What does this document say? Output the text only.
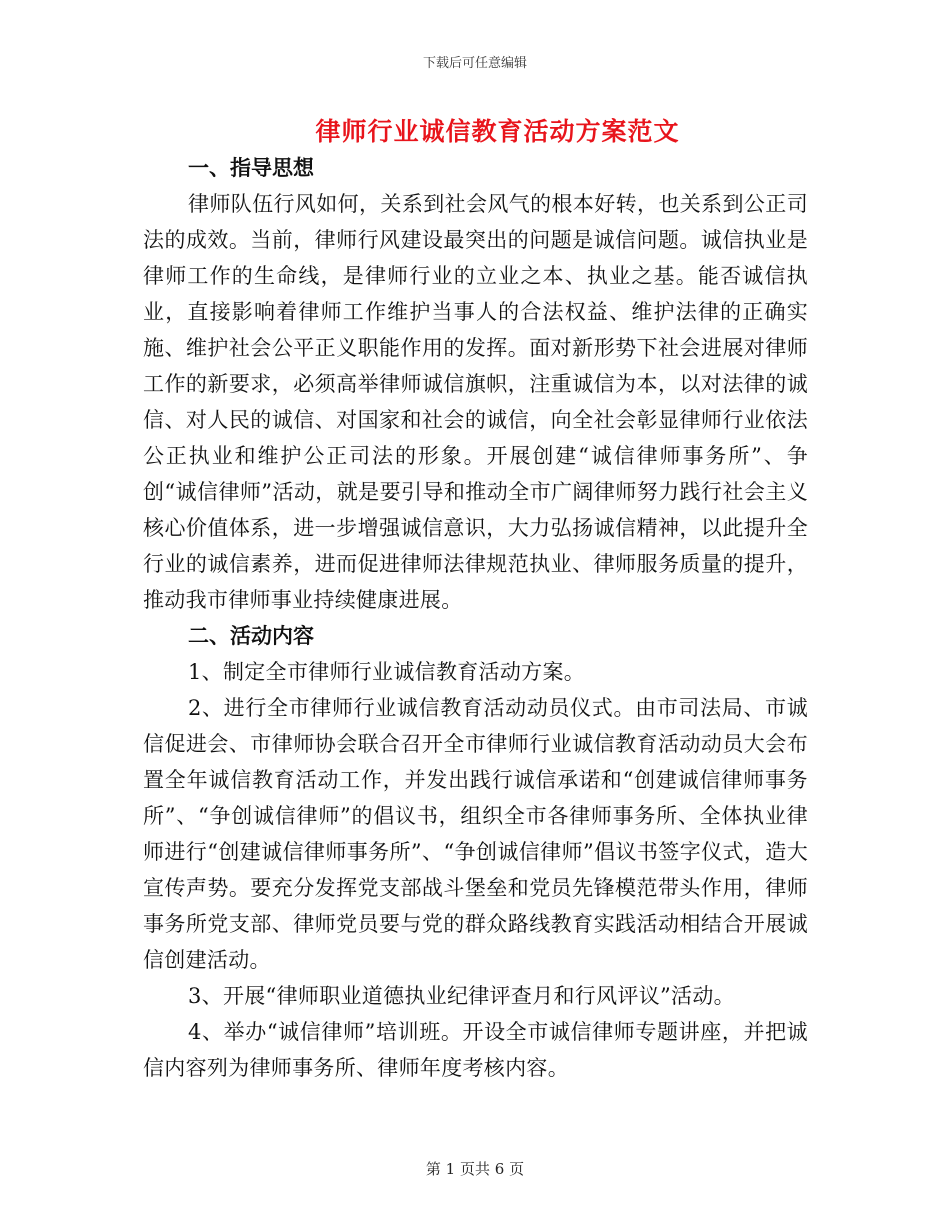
下载后可任意编辑
律师行业诚信教育活动方案范文
一、指导思想

律师队伍行风如何，关系到社会风气的根本好转，也关系到公正司法的成效。当前，律师行风建设最突出的问题是诚信问题。诚信执业是律师工作的生命线，是律师行业的立业之本、执业之基。能否诚信执业，直接影响着律师工作维护当事人的合法权益、维护法律的正确实施、维护社会公平正义职能作用的发挥。面对新形势下社会进展对律师工作的新要求，必须高举律师诚信旗帜，注重诚信为本，以对法律的诚信、对人民的诚信、对国家和社会的诚信，向全社会彰显律师行业依法公正执业和维护公正司法的形象。开展创建“诚信律师事务所”、争创“诚信律师”活动，就是要引导和推动全市广阔律师努力践行社会主义核心价值体系，进一步增强诚信意识，大力弘扬诚信精神，以此提升全行业的诚信素养，进而促进律师法律规范执业、律师服务质量的提升，推动我市律师事业持续健康进展。

二、活动内容

1、制定全市律师行业诚信教育活动方案。

2、进行全市律师行业诚信教育活动动员仪式。由市司法局、市诚信促进会、市律师协会联合召开全市律师行业诚信教育活动动员大会布置全年诚信教育活动工作，并发出践行诚信承诺和“创建诚信律师事务所”、“争创诚信律师”的倡议书，组织全市各律师事务所、全体执业律师进行“创建诚信律师事务所”、“争创诚信律师”倡议书签字仪式，造大宣传声势。要充分发挥党支部战斗堡垒和党员先锋模范带头作用，律师事务所党支部、律师党员要与党的群众路线教育实践活动相结合开展诚信创建活动。

3、开展“律师职业道德执业纪律评查月和行风评议”活动。

4、举办“诚信律师”培训班。开设全市诚信律师专题讲座，并把诚信内容列为律师事务所、律师年度考核内容。

第 1 页共 6 页
